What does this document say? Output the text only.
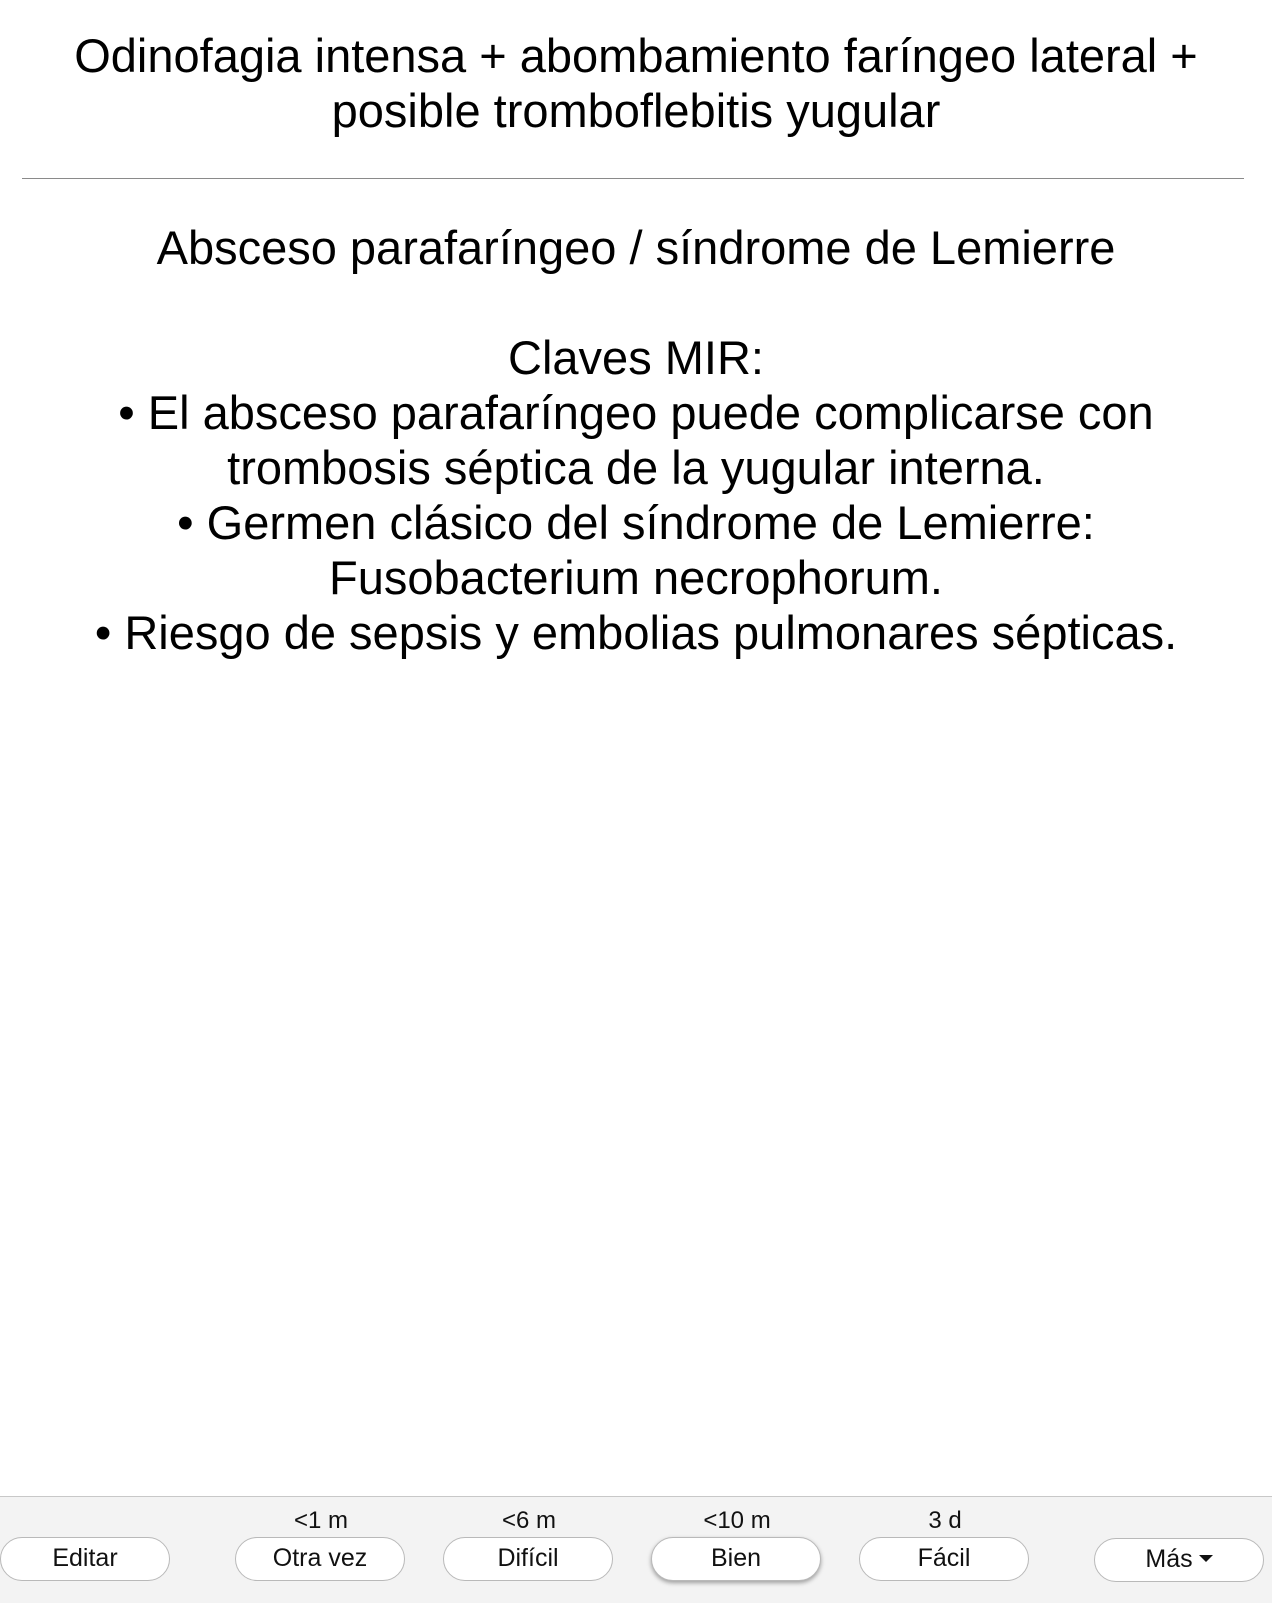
Odinofagia intensa + abombamiento faríngeo lateral +
posible tromboflebitis yugular
Absceso parafaríngeo / síndrome de Lemierre
Claves MIR:
• El absceso parafaríngeo puede complicarse con
trombosis séptica de la yugular interna.
• Germen clásico del síndrome de Lemierre:
Fusobacterium necrophorum.
• Riesgo de sepsis y embolias pulmonares sépticas.
Editar
<1 m
Otra vez
<6 m
Difícil
<10 m
Bien
3 d
Fácil	Más
